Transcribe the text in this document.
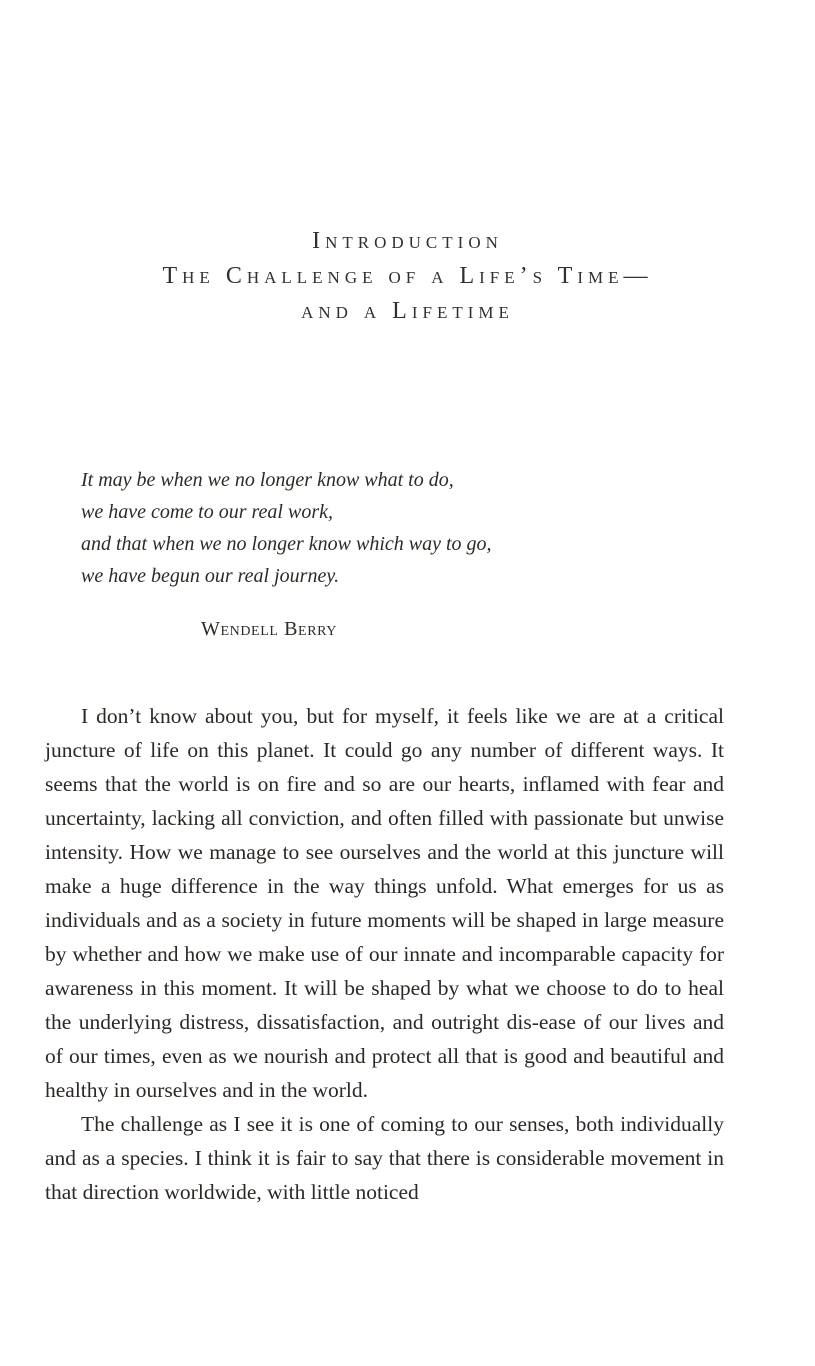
Introduction
The Challenge of a Life’s Time—
and a Lifetime
It may be when we no longer know what to do,
we have come to our real work,
and that when we no longer know which way to go,
we have begun our real journey.
Wendell Berry

I don’t know about you, but for myself, it feels like we are at a critical juncture of life on this planet. It could go any number of different ways. It seems that the world is on fire and so are our hearts, inflamed with fear and uncertainty, lacking all conviction, and often filled with passionate but unwise intensity. How we manage to see ourselves and the world at this juncture will make a huge difference in the way things unfold. What emerges for us as individuals and as a society in future moments will be shaped in large measure by whether and how we make use of our innate and incomparable capacity for awareness in this moment. It will be shaped by what we choose to do to heal the underlying distress, dissatisfaction, and outright dis-ease of our lives and of our times, even as we nourish and protect all that is good and beautiful and healthy in ourselves and in the world.

The challenge as I see it is one of coming to our senses, both individually and as a species. I think it is fair to say that there is considerable movement in that direction worldwide, with little noticed
